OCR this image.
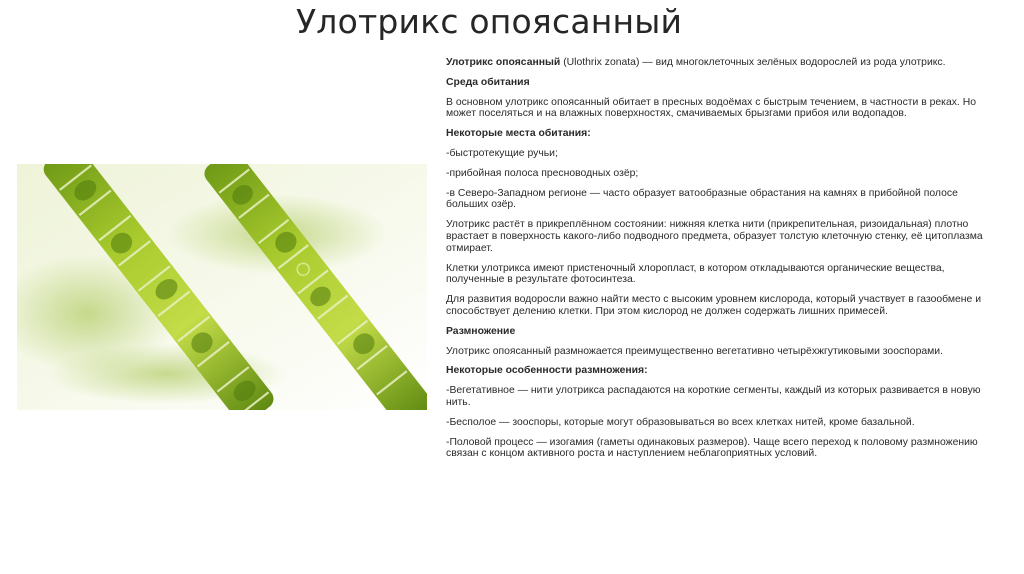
Улотрикс опоясанный

Улотрикс опоясанный (Ulothrix zonata) — вид многоклеточных зелёных водорослей из рода улотрикс.

Среда обитания

В основном улотрикс опоясанный обитает в пресных водоёмах с быстрым течением, в частности в реках. Но может поселяться и на влажных поверхностях, смачиваемых брызгами прибоя или водопадов.

Некоторые места обитания:

-быстротекущие ручьи;

-прибойная полоса пресноводных озёр;

-в Северо-Западном регионе — часто образует ватообразные обрастания на камнях в прибойной полосе больших озёр.

Улотрикс растёт в прикреплённом состоянии: нижняя клетка нити (прикрепительная, ризоидальная) плотно врастает в поверхность какого-либо подводного предмета, образует толстую клеточную стенку, её цитоплазма отмирает.

Клетки улотрикса имеют пристеночный хлоропласт, в котором откладываются органические вещества, полученные в результате фотосинтеза.

Для развития водоросли важно найти место с высоким уровнем кислорода, который участвует в газообмене и способствует делению клетки. При этом кислород не должен содержать лишних примесей.

Размножение

Улотрикс опоясанный размножается преимущественно вегетативно четырёхжгутиковыми зооспорами.

Некоторые особенности размножения:

-Вегетативное — нити улотрикса распадаются на короткие сегменты, каждый из которых развивается в новую нить.

-Бесполое — зооспоры, которые могут образовываться во всех клетках нитей, кроме базальной.

-Половой процесс — изогамия (гаметы одинаковых размеров). Чаще всего переход к половому размножению связан с концом активного роста и наступлением неблагоприятных условий.
